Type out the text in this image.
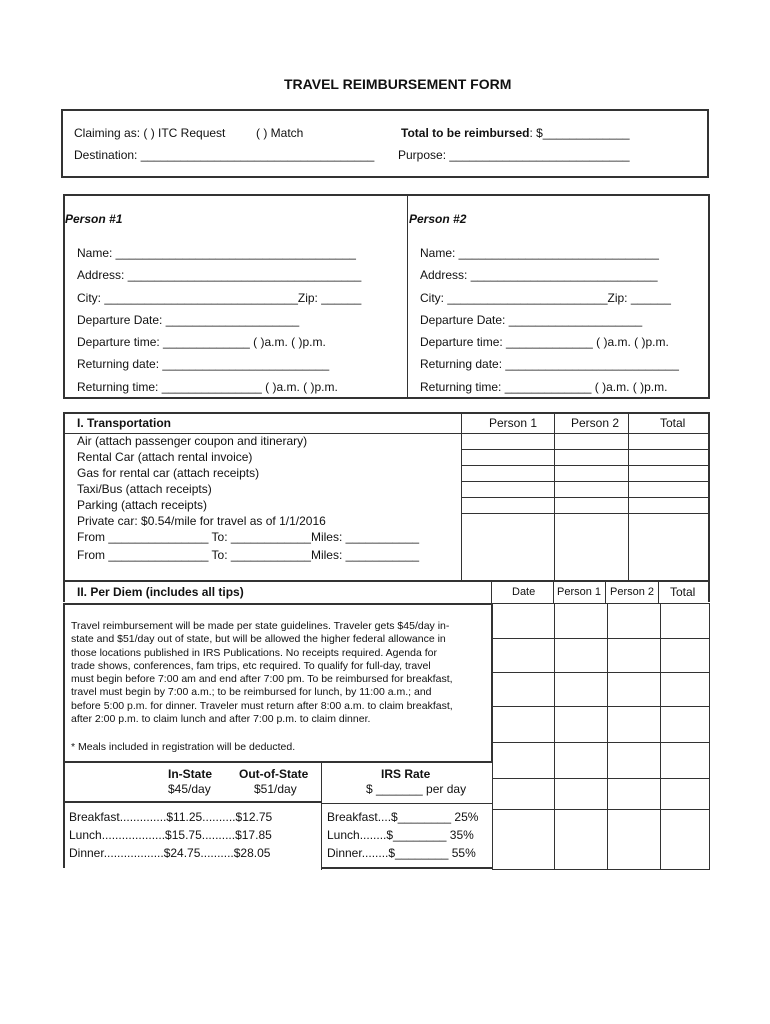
TRAVEL REIMBURSEMENT FORM
Claiming as: ( ) ITC Request	( ) Match	Total to be reimbursed: $_____________
Destination: ___________________________________ Purpose: ___________________________
Person #1	Person #2
Name: ____________________________________
Address: ___________________________________
City: _____________________________Zip: ______
Departure Date: ____________________
Departure time: _____________ ( )a.m. ( )p.m.
Returning date: _________________________
Returning time: _______________ ( )a.m. ( )p.m.
Name: ______________________________
Address: ____________________________
City: ________________________Zip: ______
Departure Date: ____________________
Departure time: _____________ ( )a.m. ( )p.m.
Returning date: __________________________
Returning time: _____________ ( )a.m. ( )p.m.
I. Transportation	Person 1	Person 2	Total
Air (attach passenger coupon and itinerary)
Rental Car (attach rental invoice)
Gas for rental car (attach receipts)
Taxi/Bus (attach receipts)
Parking (attach receipts)
Private car: $0.54/mile for travel as of 1/1/2016
From _______________ To: ____________Miles: ___________
From _______________ To: ____________Miles: ___________
II. Per Diem (includes all tips)	Date Person 1 Person 2 Total

Travel reimbursement will be made per state guidelines. Traveler gets $45/day in-
state and $51/day out of state, but will be allowed the higher federal allowance in
those locations published in IRS Publications. No receipts required. Agenda for
trade shows, conferences, fam trips, etc required. To qualify for full-day, travel
must begin before 7:00 am and end after 7:00 pm. To be reimbursed for breakfast,
travel must begin by 7:00 a.m.; to be reimbursed for lunch, by 11:00 a.m.; and
before 5:00 p.m. for dinner. Traveler must return after 8:00 a.m. to claim breakfast,
after 2:00 p.m. to claim lunch and after 7:00 p.m. to claim dinner.
* Meals included in registration will be deducted.
In-State
$45/day
Out-of-State
$51/day
IRS Rate
$ _______ per day
Breakfast..............$11.25..........$12.75
Lunch...................$15.75..........$17.85
Dinner..................$24.75..........$28.05
Breakfast....$________ 25%
Lunch........$________ 35%
Dinner........$________ 55%
